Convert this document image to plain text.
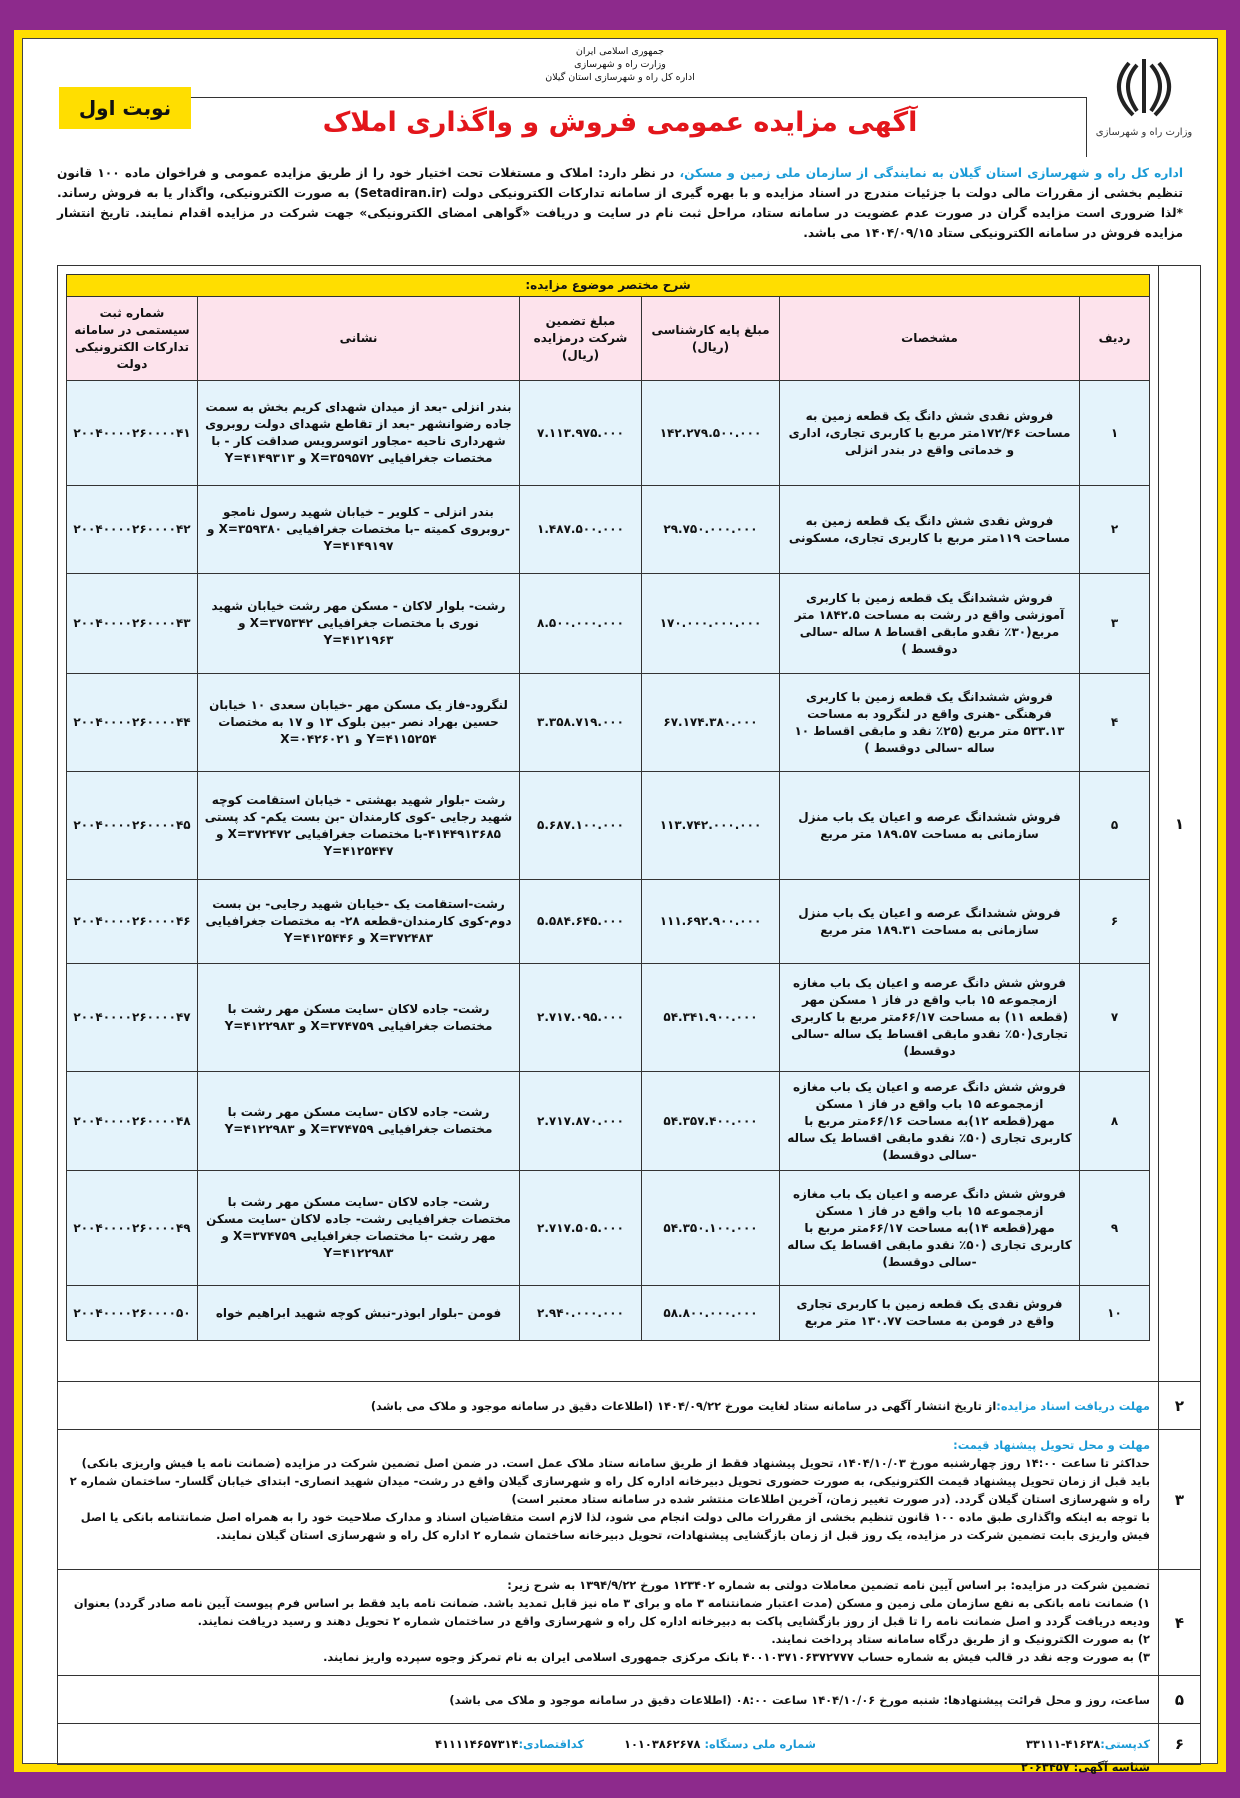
وزارت راه و شهرسازی
جمهوری اسلامی ایران
وزارت راه و شهرسازی
اداره کل راه و شهرسازی استان گیلان
آگهی مزایده عمومی فروش و واگذاری املاک
نوبت اول
اداره کل راه و شهرسازی استان گیلان به نمایندگی از سازمان ملی زمین و مسکن، در نظر دارد: املاک و مستغلات تحت اختیار خود را از طریق مزایده عمومی و فراخوان ماده ۱۰۰ قانون تنظیم بخشی از مقررات مالی دولت با جزئیات مندرج در اسناد مزایده و با بهره گیری از سامانه تدارکات الکترونیکی دولت (Setadiran.ir) به صورت الکترونیکی، واگذار یا به فروش رساند. *لذا ضروری است مزایده گران در صورت عدم عضویت در سامانه ستاد، مراحل ثبت نام در سایت و دریافت «گواهی امضای الکترونیکی» جهت شرکت در مزایده اقدام نمایند. تاریخ انتشار مزایده فروش در سامانه الکترونیکی ستاد ۱۴۰۴/۰۹/۱۵ می باشد.
۱
شرح مختصر موضوع مزایده:					
ردیف	مشخصات	مبلغ پایه کارشناسی (ریال)	مبلغ تضمین شرکت درمزایده (ریال)	نشانی	شماره ثبت سیستمی در سامانه تدارکات الکترونیکی دولت
۱	فروش نقدی شش دانگ یک قطعه زمین به مساحت ۱۷۲/۴۶متر مربع با کاربری تجاری، اداری و خدماتی واقع در بندر انزلی	۱۴۲.۲۷۹.۵۰۰.۰۰۰	۷.۱۱۳.۹۷۵.۰۰۰	بندر انزلی -بعد از میدان شهدای کریم بخش به سمت جاده رضوانشهر -بعد از تقاطع شهدای دولت روبروی شهرداری ناحیه -مجاور اتوسرویس صداقت کار - با مختصات جغرافیایی ۳۵۹۵۷۲=X و ۴۱۴۹۳۱۳=Y	۲۰۰۴۰۰۰۰۲۶۰۰۰۰۴۱
۲	فروش نقدی شش دانگ یک قطعه زمین به مساحت ۱۱۹متر مربع با کاربری تجاری، مسکونی	۲۹.۷۵۰.۰۰۰.۰۰۰	۱.۴۸۷.۵۰۰.۰۰۰	بندر انزلی – کلویر – خیابان شهید رسول نامجو -روبروی کمیته –با مختصات جغرافیایی ۳۵۹۳۸۰=X و ۴۱۴۹۱۹۷=Y	۲۰۰۴۰۰۰۰۲۶۰۰۰۰۴۲
۳	فروش ششدانگ یک قطعه زمین با کاربری آموزشی واقع در رشت به مساحت ۱۸۴۲.۵ متر مربع(۳۰٪ نقدو مابقی اقساط ۸ ساله -سالی دوقسط )	۱۷۰.۰۰۰.۰۰۰.۰۰۰	۸.۵۰۰.۰۰۰.۰۰۰	رشت- بلوار لاکان - مسکن مهر رشت خیابان شهید نوری با مختصات جغرافیایی ۳۷۵۳۴۲=X و ۴۱۲۱۹۶۳=Y	۲۰۰۴۰۰۰۰۲۶۰۰۰۰۴۳
۴	فروش ششدانگ یک قطعه زمین با کاربری فرهنگی -هنری واقع در لنگرود به مساحت ۵۳۳.۱۳ متر مربع (۲۵٪ نقد و مابقی اقساط ۱۰ ساله -سالی دوقسط )	۶۷.۱۷۴.۳۸۰.۰۰۰	۳.۳۵۸.۷۱۹.۰۰۰	لنگرود-فاز یک مسکن مهر -خیابان سعدی ۱۰ خیابان حسین بهراد نصر -بین بلوک ۱۳ و ۱۷ به مختصات ۴۱۱۵۲۵۴=Y و ۰۴۲۶۰۲۱=X	۲۰۰۴۰۰۰۰۲۶۰۰۰۰۴۴
۵	فروش ششدانگ عرصه و اعیان یک باب منزل سازمانی به مساحت ۱۸۹.۵۷ متر مربع	۱۱۳.۷۴۲.۰۰۰.۰۰۰	۵.۶۸۷.۱۰۰.۰۰۰	رشت -بلوار شهید بهشتی - خیابان استقامت کوچه شهید رجایی -کوی کارمندان -بن بست یکم- کد پستی ۴۱۴۴۹۱۳۶۸۵-با مختصات جغرافیایی ۳۷۲۴۷۲=X و ۴۱۲۵۴۴۷=Y	۲۰۰۴۰۰۰۰۲۶۰۰۰۰۴۵
۶	فروش ششدانگ عرصه و اعیان یک باب منزل سازمانی به مساحت ۱۸۹.۳۱ متر مربع	۱۱۱.۶۹۲.۹۰۰.۰۰۰	۵.۵۸۴.۶۴۵.۰۰۰	رشت-استقامت یک -خیابان شهید رجایی- بن بست دوم-کوی کارمندان-قطعه ۲۸- به مختصات جغرافیایی ۳۷۲۴۸۳=X و ۴۱۲۵۴۴۶=Y	۲۰۰۴۰۰۰۰۲۶۰۰۰۰۴۶
۷	فروش شش دانگ عرصه و اعیان یک باب مغازه ازمجموعه ۱۵ باب واقع در فاز ۱ مسکن مهر (قطعه ۱۱) به مساحت ۶۶/۱۷متر مربع با کاربری تجاری(۵۰٪ نقدو مابقی اقساط یک ساله -سالی دوقسط)	۵۴.۳۴۱.۹۰۰.۰۰۰	۲.۷۱۷.۰۹۵.۰۰۰	رشت- جاده لاکان -سایت مسکن مهر رشت با مختصات جغرافیایی ۳۷۴۷۵۹=X و ۴۱۲۲۹۸۳=Y	۲۰۰۴۰۰۰۰۲۶۰۰۰۰۴۷
۸	فروش شش دانگ عرصه و اعیان یک باب مغازه ازمجموعه ۱۵ باب واقع در فاز ۱ مسکن مهر(قطعه ۱۲)به مساحت ۶۶/۱۶متر مربع با کاربری تجاری (۵۰٪ نقدو مابقی اقساط یک ساله -سالی دوقسط)	۵۴.۳۵۷.۴۰۰.۰۰۰	۲.۷۱۷.۸۷۰.۰۰۰	رشت- جاده لاکان -سایت مسکن مهر رشت با مختصات جغرافیایی ۳۷۴۷۵۹=X و ۴۱۲۲۹۸۳=Y	۲۰۰۴۰۰۰۰۲۶۰۰۰۰۴۸
۹	فروش شش دانگ عرصه و اعیان یک باب مغازه ازمجموعه ۱۵ باب واقع در فاز ۱ مسکن مهر(قطعه ۱۴)به مساحت ۶۶/۱۷متر مربع با کاربری تجاری (۵۰٪ نقدو مابقی اقساط یک ساله -سالی دوقسط)	۵۴.۳۵۰.۱۰۰.۰۰۰	۲.۷۱۷.۵۰۵.۰۰۰	رشت- جاده لاکان -سایت مسکن مهر رشت با مختصات جغرافیایی رشت- جاده لاکان -سایت مسکن مهر رشت -با مختصات جغرافیایی ۳۷۴۷۵۹=X و ۴۱۲۲۹۸۳=Y	۲۰۰۴۰۰۰۰۲۶۰۰۰۰۴۹
۱۰	فروش نقدی یک قطعه زمین با کاربری تجاری واقع در فومن به مساحت ۱۳۰.۷۷ متر مربع	۵۸.۸۰۰.۰۰۰.۰۰۰	۲.۹۴۰.۰۰۰.۰۰۰	فومن –بلوار ابوذر-نبش کوچه شهید ابراهیم خواه	۲۰۰۴۰۰۰۰۲۶۰۰۰۰۵۰
۲
مهلت دریافت اسناد مزایده:از تاریخ انتشار آگهی در سامانه ستاد لغایت مورخ ۱۴۰۴/۰۹/۲۲ (اطلاعات دقیق در سامانه موجود و ملاک می باشد)
۳
مهلت و محل تحویل پیشنهاد قیمت:
حداکثر تا ساعت ۱۴:۰۰ روز چهارشنبه مورخ ۱۴۰۴/۱۰/۰۳، تحویل پیشنهاد فقط از طریق سامانه ستاد ملاک عمل است. در ضمن اصل تضمین شرکت در مزایده (ضمانت نامه یا فیش واریزی بانکی) باید قبل از زمان تحویل پیشنهاد قیمت الکترونیکی، به صورت حضوری تحویل دبیرخانه اداره کل راه و شهرسازی گیلان واقع در رشت- میدان شهید انصاری- ابتدای خیابان گلسار- ساختمان شماره ۲ راه و شهرسازی استان گیلان گردد. (در صورت تغییر زمان، آخرین اطلاعات منتشر شده در سامانه ستاد معتبر است)
با توجه به اینکه واگذاری طبق ماده ۱۰۰ قانون تنظیم بخشی از مقررات مالی دولت انجام می شود، لذا لازم است متقاضیان اسناد و مدارک صلاحیت خود را به همراه اصل ضمانتنامه بانکی یا اصل فیش واریزی بابت تضمین شرکت در مزایده، یک روز قبل از زمان بازگشایی پیشنهادات، تحویل دبیرخانه ساختمان شماره ۲ اداره کل راه و شهرسازی استان گیلان نمایند.
۴
تضمین شرکت در مزایده: بر اساس آیین نامه تضمین معاملات دولتی به شماره ۱۲۳۴۰۲ مورخ ۱۳۹۴/۹/۲۲ به شرح زیر:
۱) ضمانت نامه بانکی به نفع سازمان ملی زمین و مسکن (مدت اعتبار ضمانتنامه ۳ ماه و برای ۳ ماه نیز قابل تمدید باشد. ضمانت نامه باید فقط بر اساس فرم پیوست آیین نامه صادر گردد) بعنوان ودیعه دریافت گردد و اصل ضمانت نامه را تا قبل از روز بازگشایی پاکت به دبیرخانه اداره کل راه و شهرسازی واقع در ساختمان شماره ۲ تحویل دهند و رسید دریافت نمایند.
۲) به صورت الکترونیک و از طریق درگاه سامانه ستاد پرداخت نمایند.
۳) به صورت وجه نقد در قالب فیش به شماره حساب ۴۰۰۱۰۳۷۱۰۶۳۷۲۷۷۷ بانک مرکزی جمهوری اسلامی ایران به نام تمرکز وجوه سپرده واریز نمایند.
۵
ساعت، روز و محل قرائت پیشنهادها: شنبه مورخ ۱۴۰۴/۱۰/۰۶ ساعت ۰۸:۰۰ (اطلاعات دقیق در سامانه موجود و ملاک می باشد)
۶
کدپستی:۴۱۶۳۸-۳۳۱۱۱
شماره ملی دستگاه: ۱۰۱۰۳۸۶۲۶۷۸
کداقتصادی:۴۱۱۱۱۴۶۵۷۳۱۴
شناسه آگهی: ۲۰۶۳۴۵۷
